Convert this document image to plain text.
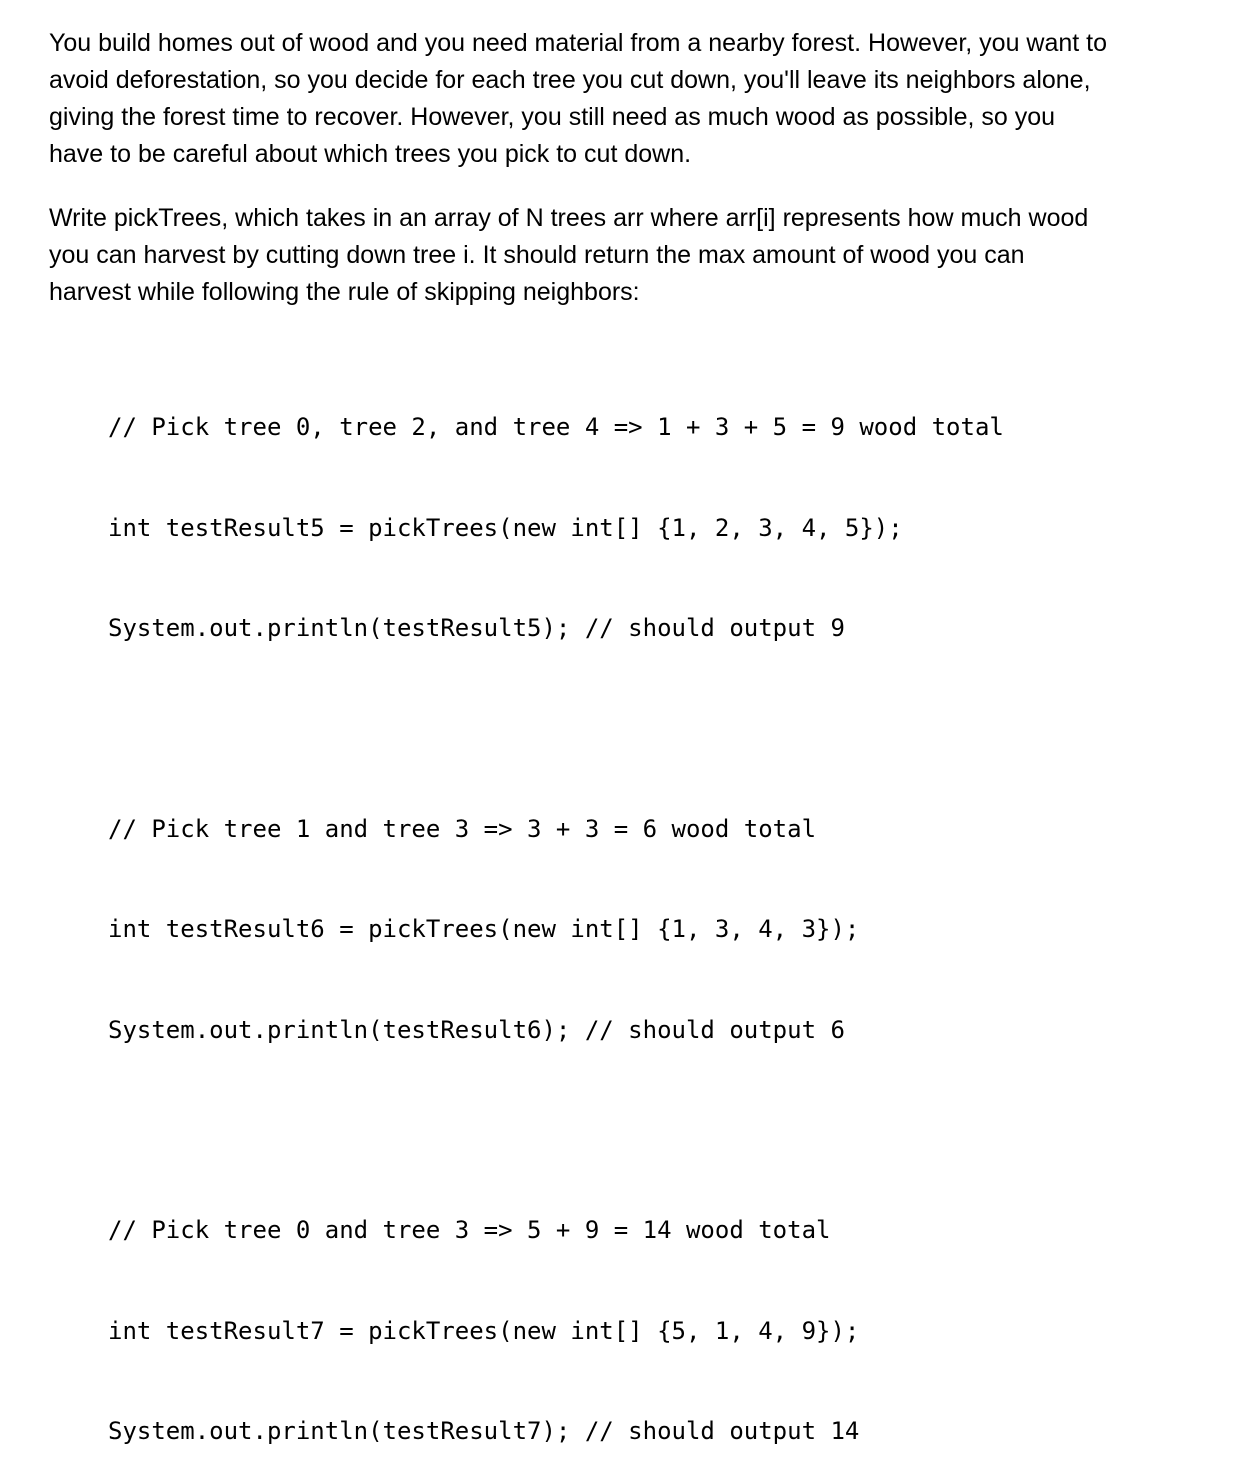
You build homes out of wood and you need material from a nearby forest. However, you want to
avoid deforestation, so you decide for each tree you cut down, you'll leave its neighbors alone,
giving the forest time to recover. However, you still need as much wood as possible, so you
have to be careful about which trees you pick to cut down.

Write pickTrees, which takes in an array of N trees arr where arr[i] represents how much wood
you can harvest by cutting down tree i. It should return the max amount of wood you can
harvest while following the rule of skipping neighbors:

// Pick tree 0, tree 2, and tree 4 => 1 + 3 + 5 = 9 wood total

int testResult5 = pickTrees(new int[] {1, 2, 3, 4, 5});

System.out.println(testResult5); // should output 9

// Pick tree 1 and tree 3 => 3 + 3 = 6 wood total

int testResult6 = pickTrees(new int[] {1, 3, 4, 3});

System.out.println(testResult6); // should output 6

// Pick tree 0 and tree 3 => 5 + 9 = 14 wood total

int testResult7 = pickTrees(new int[] {5, 1, 4, 9});

System.out.println(testResult7); // should output 14
